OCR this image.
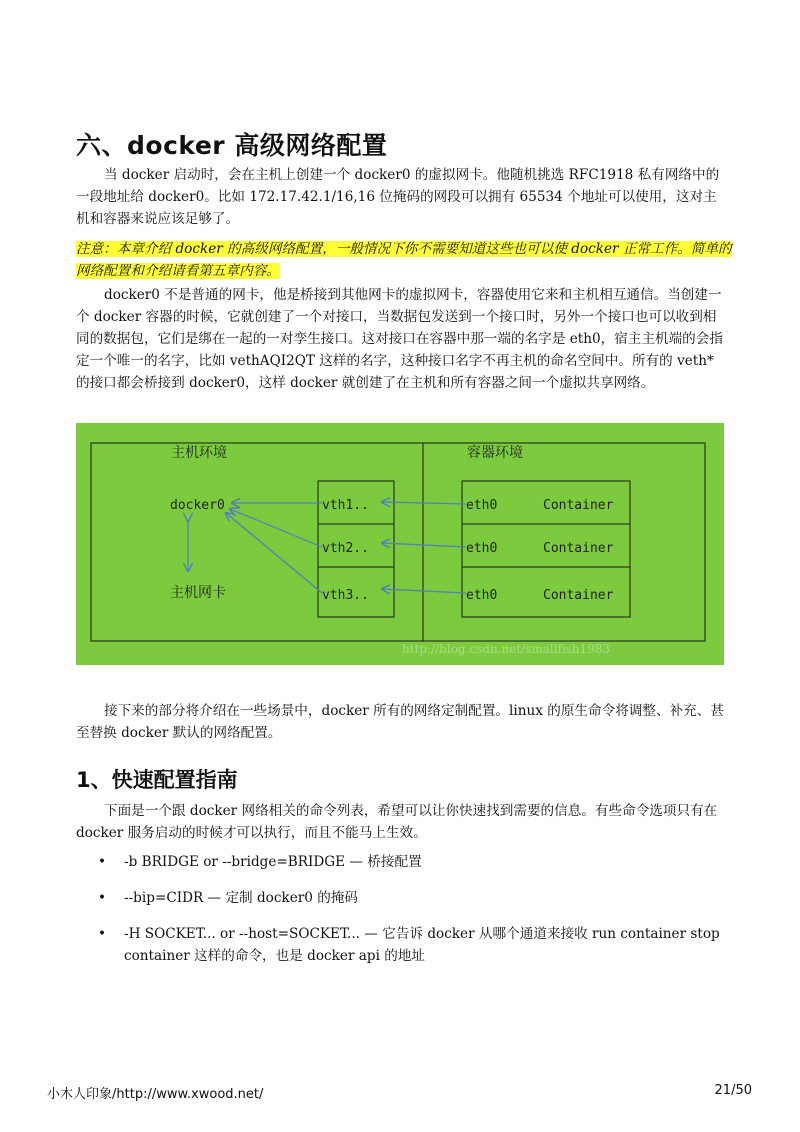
六、docker 高级网络配置

当 docker 启动时，会在主机上创建一个 docker0 的虚拟网卡。他随机挑选 RFC1918 私有网络中的一段地址给 docker0。比如 172.17.42.1/16,16 位掩码的网段可以拥有 65534 个地址可以使用，这对主机和容器来说应该足够了。

注意：本章介绍 docker 的高级网络配置，一般情况下你不需要知道这些也可以使 docker 正常工作。简单的网络配置和介绍请看第五章内容。

docker0 不是普通的网卡，他是桥接到其他网卡的虚拟网卡，容器使用它来和主机相互通信。当创建一个 docker 容器的时候，它就创建了一个对接口，当数据包发送到一个接口时，另外一个接口也可以收到相同的数据包，它们是绑在一起的一对孪生接口。这对接口在容器中那一端的名字是 eth0，宿主主机端的会指定一个唯一的名字，比如 vethAQI2QT 这样的名字，这种接口名字不再主机的命名空间中。所有的 veth*的接口都会桥接到 docker0，这样 docker 就创建了在主机和所有容器之间一个虚拟共享网络。

主机环境	容器环境
docker0
主机网卡
vth1..
vth2..
vth3..
eth0	Container
eth0	Container
eth0	Container
http://blog.csdn.net/smallfish1983

接下来的部分将介绍在一些场景中，docker 所有的网络定制配置。linux 的原生命令将调整、补充、甚至替换 docker 默认的网络配置。

1、快速配置指南

下面是一个跟 docker 网络相关的命令列表，希望可以让你快速找到需要的信息。有些命令选项只有在 docker 服务启动的时候才可以执行，而且不能马上生效。

• -b BRIDGE or --bridge=BRIDGE — 桥接配置
• --bip=CIDR — 定制 docker0 的掩码
• -H SOCKET... or --host=SOCKET... — 它告诉 docker 从哪个通道来接收 run container stop container 这样的命令，也是 docker api 的地址
小木人印象/http://www.xwood.net/	21/50
